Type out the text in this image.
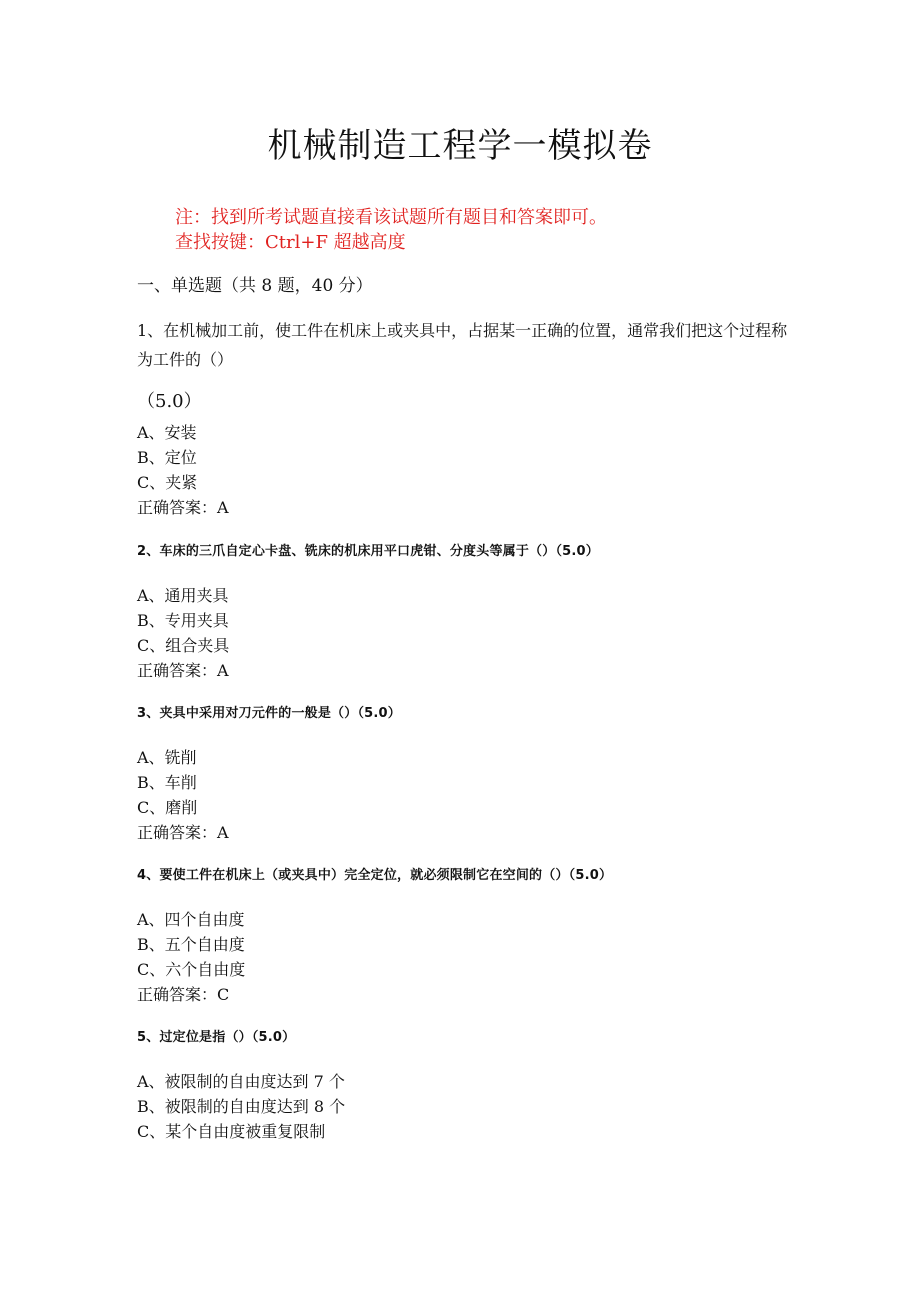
机械制造工程学一模拟卷
注：找到所考试题直接看该试题所有题目和答案即可。
查找按键：Ctrl+F 超越高度
一、单选题（共 8 题，40 分）
1、在机械加工前，使工件在机床上或夹具中，占据某一正确的位置，通常我们把这个过程称为工件的（）
（5.0）
A、安装
B、定位
C、夹紧
正确答案：A
2、车床的三爪自定心卡盘、铣床的机床用平口虎钳、分度头等属于（）（5.0）
A、通用夹具
B、专用夹具
C、组合夹具
正确答案：A
3、夹具中采用对刀元件的一般是（）（5.0）
A、铣削
B、车削
C、磨削
正确答案：A
4、要使工件在机床上（或夹具中）完全定位，就必须限制它在空间的（）（5.0）
A、四个自由度
B、五个自由度
C、六个自由度
正确答案：C
5、过定位是指（）（5.0）
A、被限制的自由度达到 7 个
B、被限制的自由度达到 8 个
C、某个自由度被重复限制
